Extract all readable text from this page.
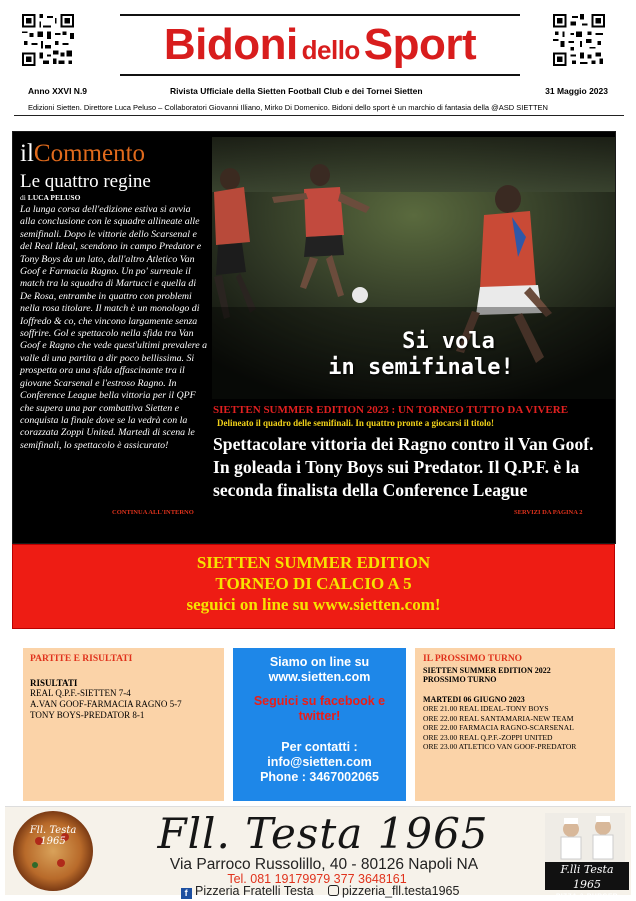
Bidoni dello Sport
Anno XXVI N.9	Rivista Ufficiale della Sietten Football Club e dei Tornei Sietten	31 Maggio 2023
Edizioni Sietten. Direttore Luca Peluso – Collaboratori Giovanni Illiano, Mirko Di Domenico. Bidoni dello sport è un marchio di fantasia della @ASD SIETTEN
ilCommento
Le quattro regine
di LUCA PELUSO
La lunga corsa dell'edizione estiva si avvia alla conclusione con le squadre allineate alle semifinali. Dopo le vittorie dello Scarsenal e del Real Ideal, scendono in campo Predator e Tony Boys da un lato, dall'altro Atletico Van Goof e Farmacia Ragno. Un po' surreale il match tra la squadra di Martucci e quella di De Rosa, entrambe in quattro con problemi nella rosa titolare. Il match è un monologo di Ioffredo & co, che vincono largamente senza soffrire. Gol e spettacolo nella sfida tra Van Goof e Ragno che vede quest'ultimi prevalere a valle di una partita a dir poco bellissima. Si prospetta ora una sfida affascinante tra il giovane Scarsenal e l'estroso Ragno. In Conference League bella vittoria per il QPF che supera una par combattiva Sietten e conquista la finale dove se la vedrà con la corazzata Zoppi United. Martedì di scena le semifinali, lo spettacolo è assicurato!
CONTINUA ALL'INTERNO
Si vola
in semifinale!
SIETTEN SUMMER EDITION 2023 : UN TORNEO TUTTO DA VIVERE
Delineato il quadro delle semifinali. In quattro pronte a giocarsi il titolo!
Spettacolare vittoria dei Ragno contro il Van Goof. In goleada i Tony Boys sui Predator. Il Q.P.F. è la seconda finalista della Conference League
SERVIZI DA PAGINA 2
SIETTEN SUMMER EDITION
TORNEO DI CALCIO A 5
seguici on line su www.sietten.com!
PARTITE E RISULTATI
RISULTATI
REAL Q.P.F.-SIETTEN 7-4
A.VAN GOOF-FARMACIA RAGNO 5-7
TONY BOYS-PREDATOR 8-1
Siamo on line su www.sietten.com
Seguici su facebook e twitter!
Per contatti : info@sietten.com
Phone : 3467002065
IL PROSSIMO TURNO
SIETTEN SUMMER EDITION 2022
PROSSIMO TURNO
MARTEDI 06 GIUGNO 2023
ORE 21.00 REAL IDEAL-TONY BOYS
ORE 22.00 REAL SANTAMARIA-NEW TEAM
ORE 22.00 FARMACIA RAGNO-SCARSENAL
ORE 23.00 REAL Q.P.F.-ZOPPI UNITED
ORE 23.00 ATLETICO VAN GOOF-PREDATOR
Fll. Testa 1965	Fll. Testa 1965
Via Parroco Russolillo, 40 - 80126 Napoli NA
Tel. 081 19179979 377 3648161
f Pizzeria Fratelli Testa pizzeria_fll.testa1965
F.lli Testa 1965
PIZZA & BURGER
